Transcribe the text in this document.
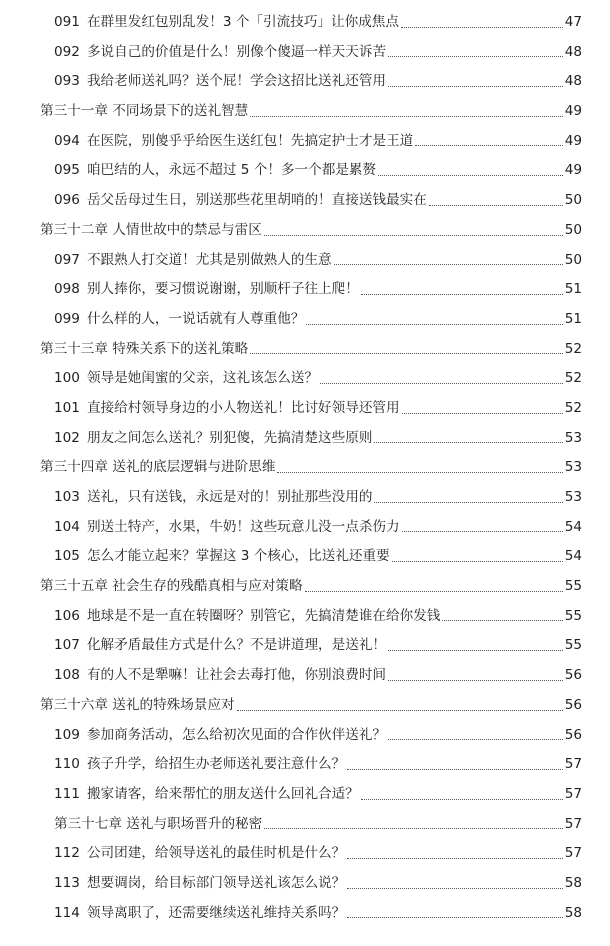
091 在群里发红包别乱发！3 个「引流技巧」让你成焦点	47
092 多说自己的价值是什么！别像个傻逼一样天天诉苦	48
093 我给老师送礼吗？送个屁！学会这招比送礼还管用	48
第三十一章 不同场景下的送礼智慧	49
094 在医院，别傻乎乎给医生送红包！先搞定护士才是王道	49
095 咱巴结的人，永远不超过 5 个！多一个都是累赘	49
096 岳父岳母过生日，别送那些花里胡哨的！直接送钱最实在	50
第三十二章 人情世故中的禁忌与雷区	50
097 不跟熟人打交道！尤其是别做熟人的生意	50
098 别人捧你，要习惯说谢谢，别顺杆子往上爬！	51
099 什么样的人，一说话就有人尊重他？	51
第三十三章 特殊关系下的送礼策略	52
100 领导是她闺蜜的父亲，这礼该怎么送？	52
101 直接给村领导身边的小人物送礼！比讨好领导还管用	52
102 朋友之间怎么送礼？别犯傻，先搞清楚这些原则	53
第三十四章 送礼的底层逻辑与进阶思维	53
103 送礼，只有送钱，永远是对的！别扯那些没用的	53
104 别送土特产，水果，牛奶！这些玩意儿没一点杀伤力	54
105 怎么才能立起来？掌握这 3 个核心，比送礼还重要	54
第三十五章 社会生存的残酷真相与应对策略	55
106 地球是不是一直在转圈呀？别管它，先搞清楚谁在给你发钱	55
107 化解矛盾最佳方式是什么？不是讲道理，是送礼！	55
108 有的人不是犟嘛！让社会去毒打他，你别浪费时间	56
第三十六章 送礼的特殊场景应对	56
109 参加商务活动，怎么给初次见面的合作伙伴送礼？	56
110 孩子升学，给招生办老师送礼要注意什么？	57
111 搬家请客，给来帮忙的朋友送什么回礼合适？	57
第三十七章 送礼与职场晋升的秘密	57
112 公司团建，给领导送礼的最佳时机是什么？	57
113 想要调岗，给目标部门领导送礼该怎么说？	58
114 领导离职了，还需要继续送礼维持关系吗？	58
